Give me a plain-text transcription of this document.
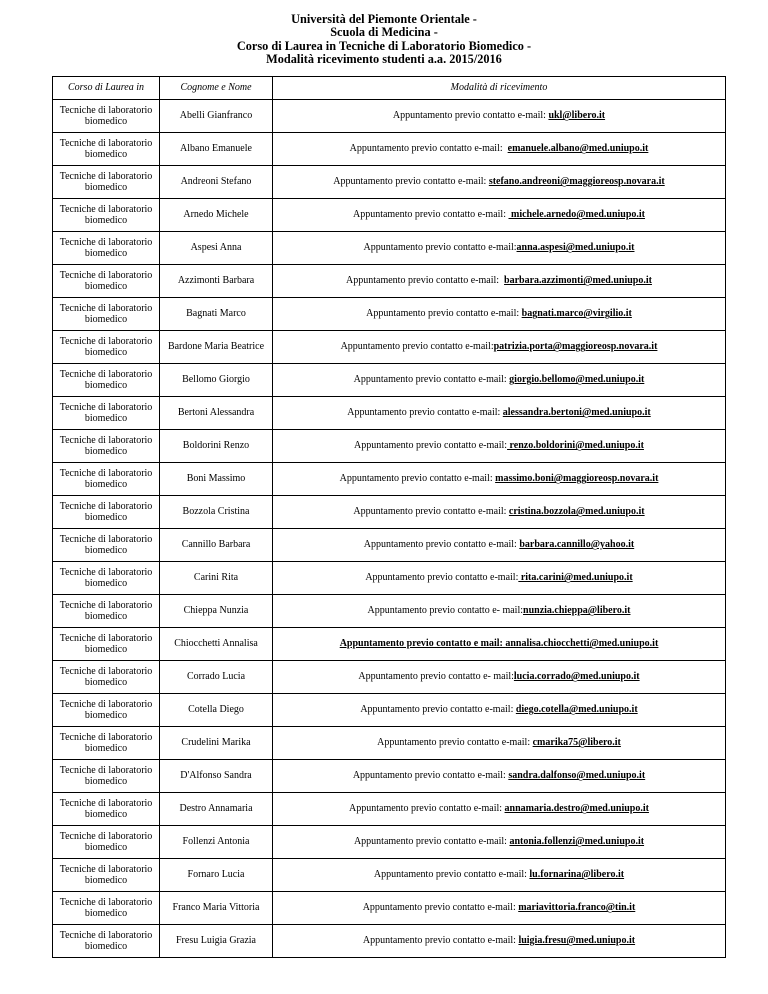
Università del Piemonte Orientale -
Scuola di Medicina -
Corso di Laurea in Tecniche di Laboratorio Biomedico -
Modalità ricevimento studenti a.a. 2015/2016
Corso di Laurea in	Cognome e Nome	Modalità di ricevimento
Tecniche di laboratorio biomedico	Abelli Gianfranco	Appuntamento previo contatto e-mail: ukl@libero.it
Tecniche di laboratorio biomedico	Albano Emanuele	Appuntamento previo contatto e-mail:  emanuele.albano@med.uniupo.it
Tecniche di laboratorio biomedico	Andreoni Stefano	Appuntamento previo contatto e-mail: stefano.andreoni@maggioreosp.novara.it
Tecniche di laboratorio biomedico	Arnedo Michele	Appuntamento previo contatto e-mail:  michele.arnedo@med.uniupo.it
Tecniche di laboratorio biomedico	Aspesi Anna	Appuntamento previo contatto e-mail:anna.aspesi@med.uniupo.it
Tecniche di laboratorio biomedico	Azzimonti Barbara	Appuntamento previo contatto e-mail:  barbara.azzimonti@med.uniupo.it
Tecniche di laboratorio biomedico	Bagnati Marco	Appuntamento previo contatto e-mail: bagnati.marco@virgilio.it
Tecniche di laboratorio biomedico	Bardone Maria Beatrice	Appuntamento previo contatto e-mail:patrizia.porta@maggioreosp.novara.it
Tecniche di laboratorio biomedico	Bellomo Giorgio	Appuntamento previo contatto e-mail: giorgio.bellomo@med.uniupo.it
Tecniche di laboratorio biomedico	Bertoni Alessandra	Appuntamento previo contatto e-mail: alessandra.bertoni@med.uniupo.it
Tecniche di laboratorio biomedico	Boldorini Renzo	Appuntamento previo contatto e-mail: renzo.boldorini@med.uniupo.it
Tecniche di laboratorio biomedico	Boni Massimo	Appuntamento previo contatto e-mail: massimo.boni@maggioreosp.novara.it
Tecniche di laboratorio biomedico	Bozzola Cristina	Appuntamento previo contatto e-mail: cristina.bozzola@med.uniupo.it
Tecniche di laboratorio biomedico	Cannillo Barbara	Appuntamento previo contatto e-mail: barbara.cannillo@yahoo.it
Tecniche di laboratorio biomedico	Carini Rita	Appuntamento previo contatto e-mail: rita.carini@med.uniupo.it
Tecniche di laboratorio biomedico	Chieppa Nunzia	Appuntamento previo contatto e- mail:nunzia.chieppa@libero.it
Tecniche di laboratorio biomedico	Chiocchetti Annalisa	Appuntamento previo contatto e mail: annalisa.chiocchetti@med.uniupo.it
Tecniche di laboratorio biomedico	Corrado Lucia	Appuntamento previo contatto e- mail:lucia.corrado@med.uniupo.it
Tecniche di laboratorio biomedico	Cotella Diego	Appuntamento previo contatto e-mail: diego.cotella@med.uniupo.it
Tecniche di laboratorio biomedico	Crudelini Marika	Appuntamento previo contatto e-mail: cmarika75@libero.it
Tecniche di laboratorio biomedico	D'Alfonso Sandra	Appuntamento previo contatto e-mail: sandra.dalfonso@med.uniupo.it
Tecniche di laboratorio biomedico	Destro Annamaria	Appuntamento previo contatto e-mail: annamaria.destro@med.uniupo.it
Tecniche di laboratorio biomedico	Follenzi Antonia	Appuntamento previo contatto e-mail: antonia.follenzi@med.uniupo.it
Tecniche di laboratorio biomedico	Fornaro Lucia	Appuntamento previo contatto e-mail: lu.fornarina@libero.it
Tecniche di laboratorio biomedico	Franco Maria Vittoria	Appuntamento previo contatto e-mail: mariavittoria.franco@tin.it
Tecniche di laboratorio biomedico	Fresu Luigia Grazia	Appuntamento previo contatto e-mail: luigia.fresu@med.uniupo.it
